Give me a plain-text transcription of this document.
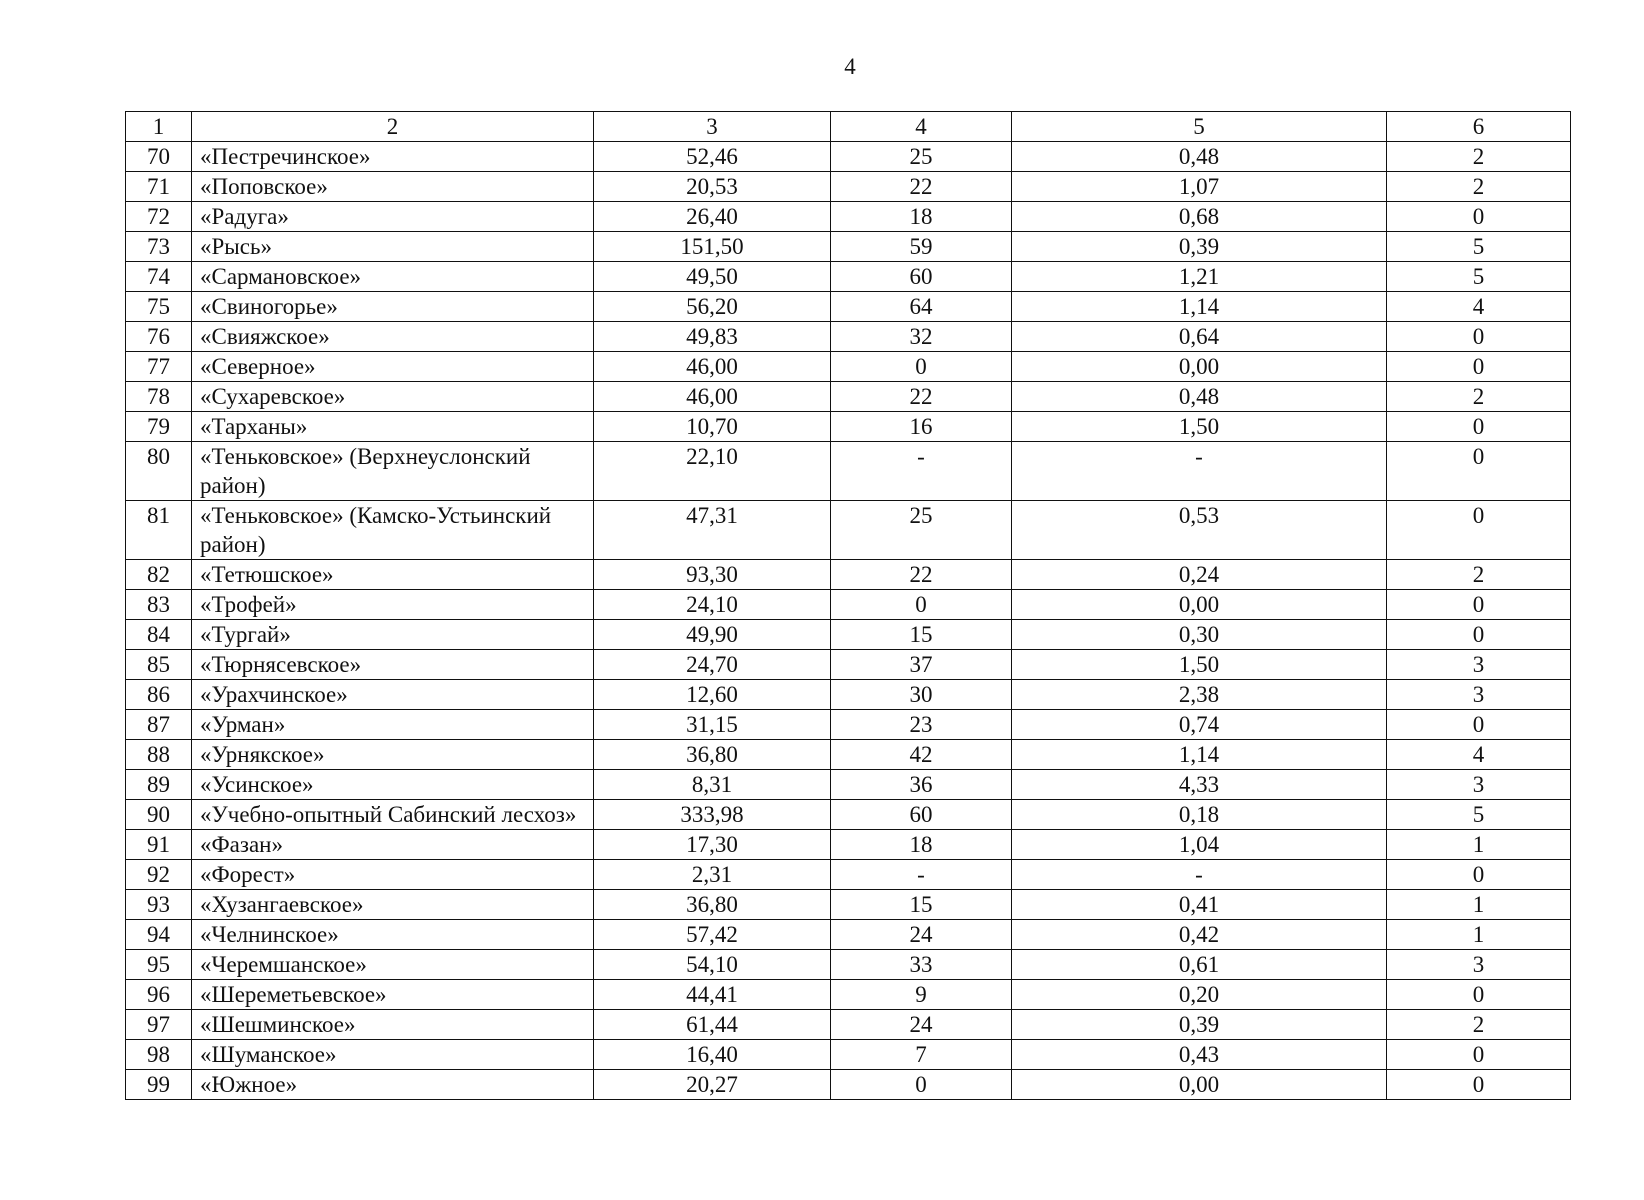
4
1	2	3	4	5	6
70	«Пестречинское»	52,46	25	0,48	2
71	«Поповское»	20,53	22	1,07	2
72	«Радуга»	26,40	18	0,68	0
73	«Рысь»	151,50	59	0,39	5
74	«Сармановское»	49,50	60	1,21	5
75	«Свиногорье»	56,20	64	1,14	4
76	«Свияжское»	49,83	32	0,64	0
77	«Северное»	46,00	0	0,00	0
78	«Сухаревское»	46,00	22	0,48	2
79	«Тарханы»	10,70	16	1,50	0
80	«Теньковское» (Верхнеуслонский район)	22,10	-	-	0
81	«Теньковское» (Камско-Устьинский район)	47,31	25	0,53	0
82	«Тетюшское»	93,30	22	0,24	2
83	«Трофей»	24,10	0	0,00	0
84	«Тургай»	49,90	15	0,30	0
85	«Тюрнясевское»	24,70	37	1,50	3
86	«Урахчинское»	12,60	30	2,38	3
87	«Урман»	31,15	23	0,74	0
88	«Урнякское»	36,80	42	1,14	4
89	«Усинское»	8,31	36	4,33	3
90	«Учебно-опытный Сабинский лесхоз»	333,98	60	0,18	5
91	«Фазан»	17,30	18	1,04	1
92	«Форест»	2,31	-	-	0
93	«Хузангаевское»	36,80	15	0,41	1
94	«Челнинское»	57,42	24	0,42	1
95	«Черемшанское»	54,10	33	0,61	3
96	«Шереметьевское»	44,41	9	0,20	0
97	«Шешминское»	61,44	24	0,39	2
98	«Шуманское»	16,40	7	0,43	0
99	«Южное»	20,27	0	0,00	0
